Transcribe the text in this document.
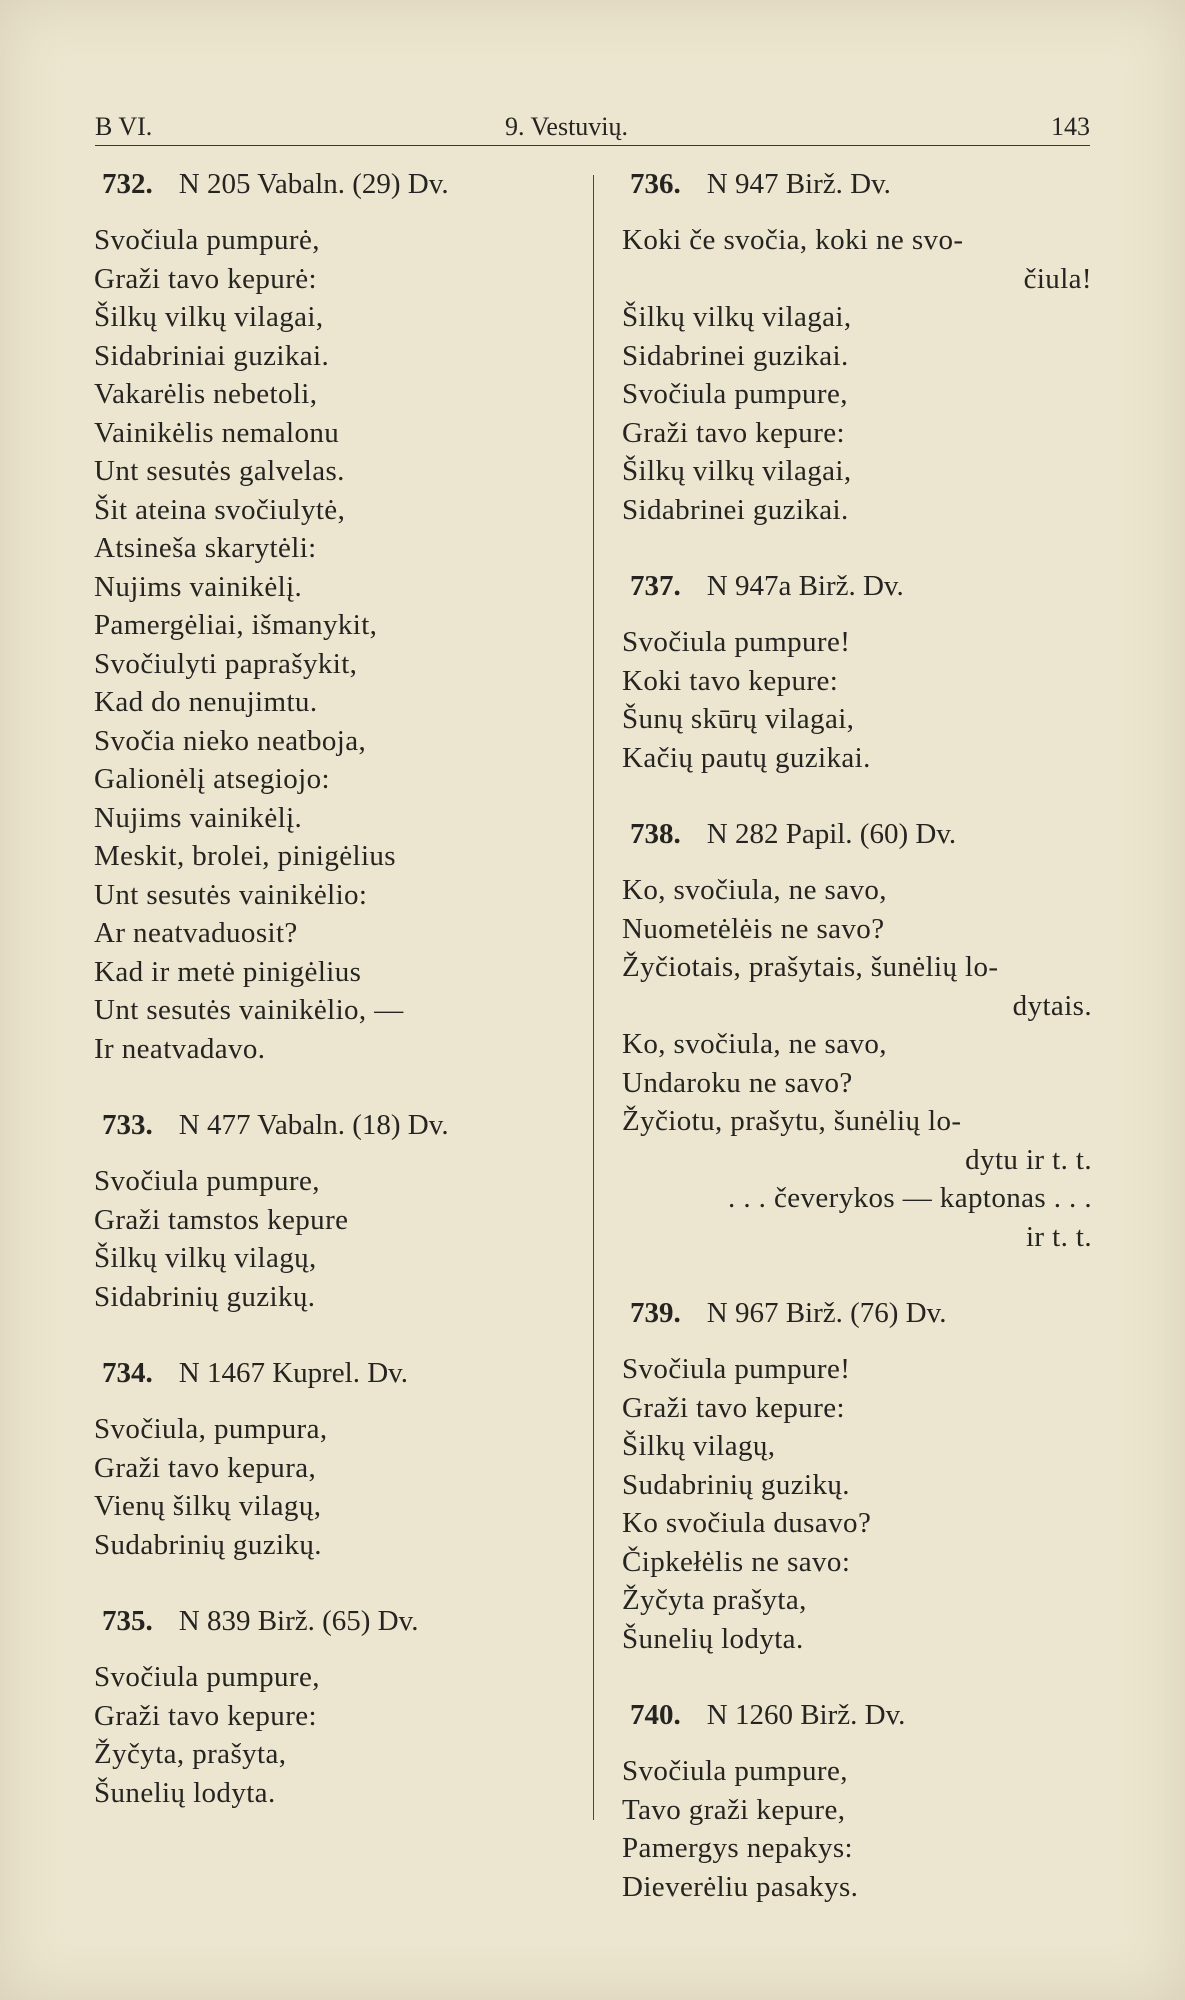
B VI.	9. Vestuvių.	143
732. N 205 Vabaln. (29) Dv.
Svočiula pumpurė,
Graži tavo kepurė:
Šilkų vilkų vilagai,
Sidabriniai guzikai.
Vakarėlis nebetoli,
Vainikėlis nemalonu
Unt sesutės galvelas.
Šit ateina svočiulytė,
Atsineša skarytėli:
Nujims vainikėlį.
Pamergėliai, išmanykit,
Svočiulyti paprašykit,
Kad do nenujimtu.
Svočia nieko neatboja,
Galionėlį atsegiojo:
Nujims vainikėlį.
Meskit, brolei, pinigėlius
Unt sesutės vainikėlio:
Ar neatvaduosit?
Kad ir metė pinigėlius
Unt sesutės vainikėlio, —
Ir neatvadavo.
733. N 477 Vabaln. (18) Dv.
Svočiula pumpure,
Graži tamstos kepure
Šilkų vilkų vilagų,
Sidabrinių guzikų.
734. N 1467 Kuprel. Dv.
Svočiula, pumpura,
Graži tavo kepura,
Vienų šilkų vilagų,
Sudabrinių guzikų.
735. N 839 Birž. (65) Dv.
Svočiula pumpure,
Graži tavo kepure:
Žyčyta, prašyta,
Šunelių lodyta.
736. N 947 Birž. Dv.
Koki če svočia, koki ne svo-
čiula!
Šilkų vilkų vilagai,
Sidabrinei guzikai.
Svočiula pumpure,
Graži tavo kepure:
Šilkų vilkų vilagai,
Sidabrinei guzikai.
737. N 947a Birž. Dv.
Svočiula pumpure!
Koki tavo kepure:
Šunų skūrų vilagai,
Kačių pautų guzikai.
738. N 282 Papil. (60) Dv.
Ko, svočiula, ne savo,
Nuometėlėis ne savo?
Žyčiotais, prašytais, šunėlių lo-
dytais.
Ko, svočiula, ne savo,
Undaroku ne savo?
Žyčiotu, prašytu, šunėlių lo-
dytu ir t. t.
. . . čeverykos — kaptonas . . .
ir t. t.
739. N 967 Birž. (76) Dv.
Svočiula pumpure!
Graži tavo kepure:
Šilkų vilagų,
Sudabrinių guzikų.
Ko svočiula dusavo?
Čipkełėlis ne savo:
Žyčyta prašyta,
Šunelių lodyta.
740. N 1260 Birž. Dv.
Svočiula pumpure,
Tavo graži kepure,
Pamergys nepakys:
Dieverėliu pasakys.
